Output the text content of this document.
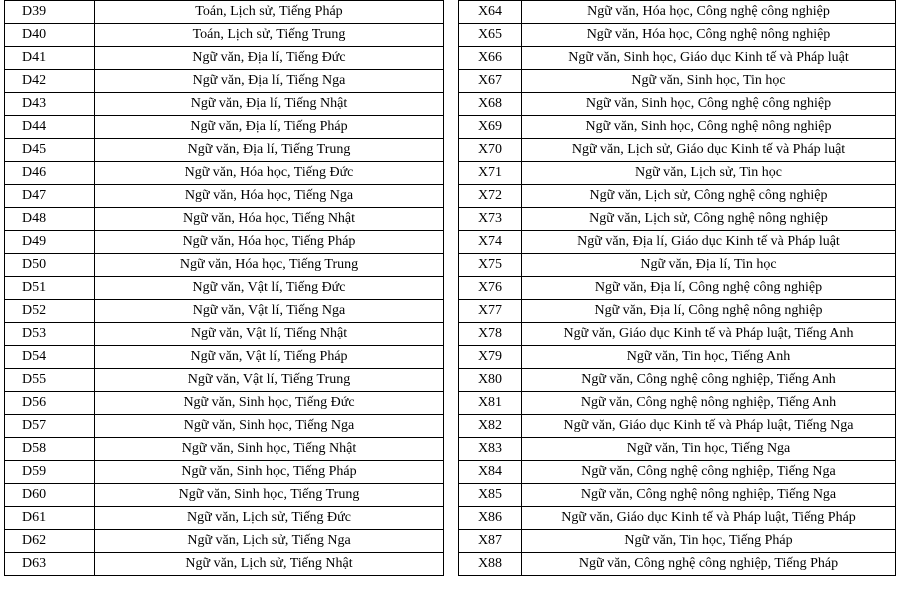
D39	Toán, Lịch sử, Tiếng Pháp
D40	Toán, Lịch sử, Tiếng Trung
D41	Ngữ văn, Địa lí, Tiếng Đức
D42	Ngữ văn, Địa lí, Tiếng Nga
D43	Ngữ văn, Địa lí, Tiếng Nhật
D44	Ngữ văn, Địa lí, Tiếng Pháp
D45	Ngữ văn, Địa lí, Tiếng Trung
D46	Ngữ văn, Hóa học, Tiếng Đức
D47	Ngữ văn, Hóa học, Tiếng Nga
D48	Ngữ văn, Hóa học, Tiếng Nhật
D49	Ngữ văn, Hóa học, Tiếng Pháp
D50	Ngữ văn, Hóa học, Tiếng Trung
D51	Ngữ văn, Vật lí, Tiếng Đức
D52	Ngữ văn, Vật lí, Tiếng Nga
D53	Ngữ văn, Vật lí, Tiếng Nhật
D54	Ngữ văn, Vật lí, Tiếng Pháp
D55	Ngữ văn, Vật lí, Tiếng Trung
D56	Ngữ văn, Sinh học, Tiếng Đức
D57	Ngữ văn, Sinh học, Tiếng Nga
D58	Ngữ văn, Sinh học, Tiếng Nhật
D59	Ngữ văn, Sinh học, Tiếng Pháp
D60	Ngữ văn, Sinh học, Tiếng Trung
D61	Ngữ văn, Lịch sử, Tiếng Đức
D62	Ngữ văn, Lịch sử, Tiếng Nga
D63	Ngữ văn, Lịch sử, Tiếng Nhật
X64	Ngữ văn, Hóa học, Công nghệ công nghiệp
X65	Ngữ văn, Hóa học, Công nghệ nông nghiệp
X66	Ngữ văn, Sinh học, Giáo dục Kinh tế và Pháp luật
X67	Ngữ văn, Sinh học, Tin học
X68	Ngữ văn, Sinh học, Công nghệ công nghiệp
X69	Ngữ văn, Sinh học, Công nghệ nông nghiệp
X70	Ngữ văn, Lịch sử, Giáo dục Kinh tế và Pháp luật
X71	Ngữ văn, Lịch sử, Tin học
X72	Ngữ văn, Lịch sử, Công nghệ công nghiệp
X73	Ngữ văn, Lịch sử, Công nghệ nông nghiệp
X74	Ngữ văn, Địa lí, Giáo dục Kinh tế và Pháp luật
X75	Ngữ văn, Địa lí, Tin học
X76	Ngữ văn, Địa lí, Công nghệ công nghiệp
X77	Ngữ văn, Địa lí, Công nghệ nông nghiệp
X78	Ngữ văn, Giáo dục Kinh tế và Pháp luật, Tiếng Anh
X79	Ngữ văn, Tin học, Tiếng Anh
X80	Ngữ văn, Công nghệ công nghiệp, Tiếng Anh
X81	Ngữ văn, Công nghệ nông nghiệp, Tiếng Anh
X82	Ngữ văn, Giáo dục Kinh tế và Pháp luật, Tiếng Nga
X83	Ngữ văn, Tin học, Tiếng Nga
X84	Ngữ văn, Công nghệ công nghiệp, Tiếng Nga
X85	Ngữ văn, Công nghệ nông nghiệp, Tiếng Nga
X86	Ngữ văn, Giáo dục Kinh tế và Pháp luật, Tiếng Pháp
X87	Ngữ văn, Tin học, Tiếng Pháp
X88	Ngữ văn, Công nghệ công nghiệp, Tiếng Pháp
